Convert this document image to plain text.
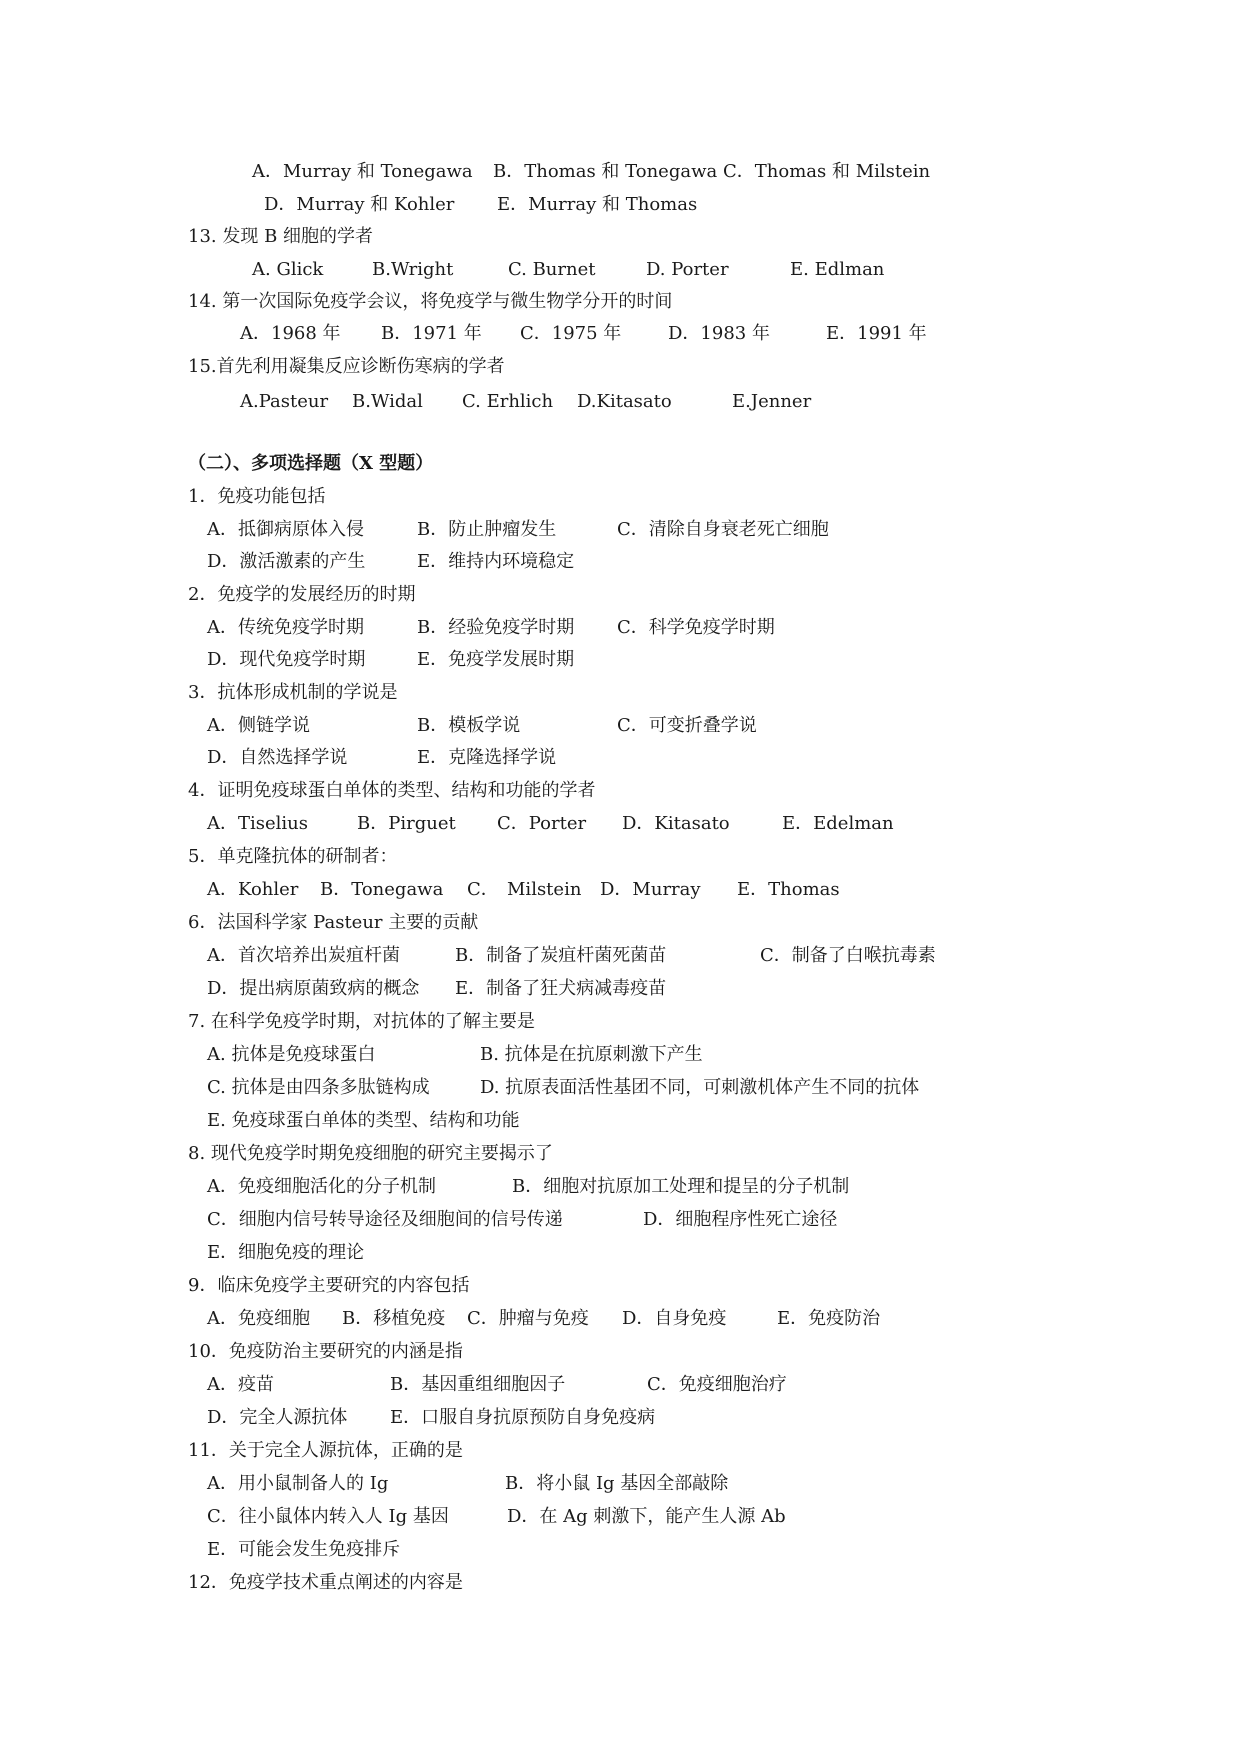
A．Murray 和 Tonegawa B．Thomas 和 Tonegawa C．Thomas 和 Milstein
D．Murray 和 Kohler E．Murray 和 Thomas
13. 发现 B 细胞的学者
A. Glick	B.Wright	C. Burnet	D. Porter	E. Edlman
14. 第一次国际免疫学会议，将免疫学与微生物学分开的时间
A．1968 年 B．1971 年 C．1975 年	D．1983 年	E．1991 年
15.首先利用凝集反应诊断伤寒病的学者
A.Pasteur B.Widal C. Erhlich D.Kitasato	E.Jenner
（二）、多项选择题（X 型题）
1．免疫功能包括
A．抵御病原体入侵	B．防止肿瘤发生	C．清除自身衰老死亡细胞
D．激活激素的产生	E．维持内环境稳定
2．免疫学的发展经历的时期
A．传统免疫学时期	B．经验免疫学时期 C．科学免疫学时期
D．现代免疫学时期	E．免疫学发展时期
3．抗体形成机制的学说是
A．侧链学说	B．模板学说	C．可变折叠学说
D．自然选择学说	E．克隆选择学说
4．证明免疫球蛋白单体的类型、结构和功能的学者
A．Tiselius	B．Pirguet C．Porter D．Kitasato	E．Edelman
5．单克隆抗体的研制者：
A．Kohler B．Tonegawa C． Milstein D．Murray E．Thomas
6．法国科学家 Pasteur 主要的贡献
A．首次培养出炭疽杆菌	B．制备了炭疽杆菌死菌苗	C．制备了白喉抗毒素
D．提出病原菌致病的概念 E．制备了狂犬病减毒疫苗
7. 在科学免疫学时期，对抗体的了解主要是
A. 抗体是免疫球蛋白	B. 抗体是在抗原刺激下产生
C. 抗体是由四条多肽链构成	D. 抗原表面活性基团不同，可刺激机体产生不同的抗体
E. 免疫球蛋白单体的类型、结构和功能
8. 现代免疫学时期免疫细胞的研究主要揭示了
A．免疫细胞活化的分子机制	B．细胞对抗原加工处理和提呈的分子机制
C．细胞内信号转导途径及细胞间的信号传递	D．细胞程序性死亡途径
E．细胞免疫的理论
9．临床免疫学主要研究的内容包括
A．免疫细胞 B．移植免疫 C．肿瘤与免疫 D．自身免疫	E．免疫防治
10．免疫防治主要研究的内涵是指
A．疫苗	B．基因重组细胞因子	C．免疫细胞治疗
D．完全人源抗体 E．口服自身抗原预防自身免疫病
11．关于完全人源抗体，正确的是
A．用小鼠制备人的 Ig	B．将小鼠 Ig 基因全部敲除
C．往小鼠体内转入人 Ig 基因	D．在 Ag 刺激下，能产生人源 Ab
E．可能会发生免疫排斥
12．免疫学技术重点阐述的内容是
